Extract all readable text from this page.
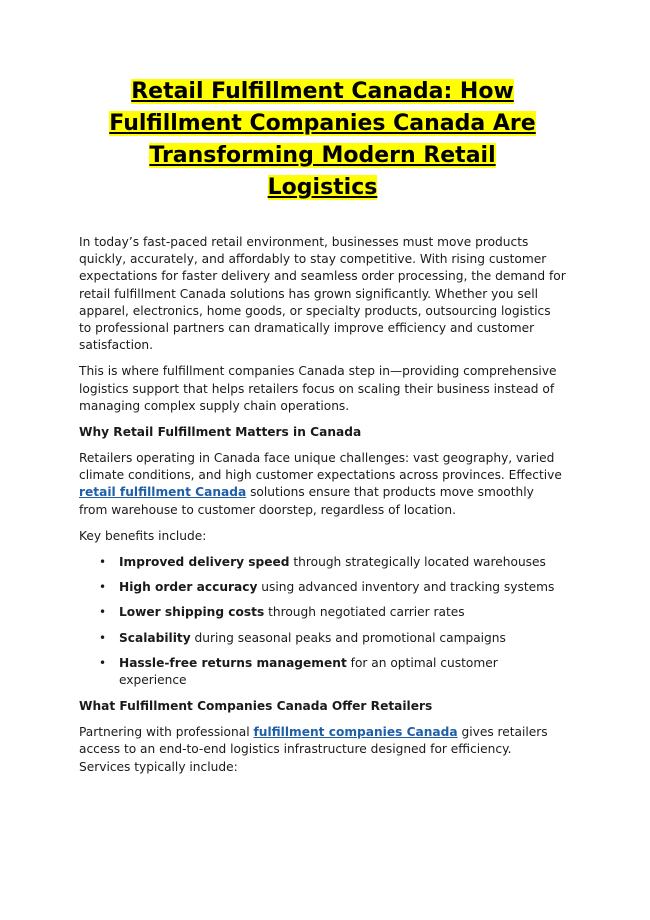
Retail Fulfillment Canada: How
Fulfillment Companies Canada Are
Transforming Modern Retail
Logistics

In today’s fast-paced retail environment, businesses must move products quickly, accurately, and affordably to stay competitive. With rising customer expectations for faster delivery and seamless order processing, the demand for retail fulfillment Canada solutions has grown significantly. Whether you sell apparel, electronics, home goods, or specialty products, outsourcing logistics to professional partners can dramatically improve efficiency and customer satisfaction.

This is where fulfillment companies Canada step in—providing comprehensive logistics support that helps retailers focus on scaling their business instead of managing complex supply chain operations.

Why Retail Fulfillment Matters in Canada

Retailers operating in Canada face unique challenges: vast geography, varied climate conditions, and high customer expectations across provinces. Effective retail fulfillment Canada solutions ensure that products move smoothly from warehouse to customer doorstep, regardless of location.

Key benefits include:

• Improved delivery speed through strategically located warehouses
• High order accuracy using advanced inventory and tracking systems
• Lower shipping costs through negotiated carrier rates
• Scalability during seasonal peaks and promotional campaigns
• Hassle-free returns management for an optimal customer experience
What Fulfillment Companies Canada Offer Retailers

Partnering with professional fulfillment companies Canada gives retailers access to an end-to-end logistics infrastructure designed for efficiency. Services typically include:
